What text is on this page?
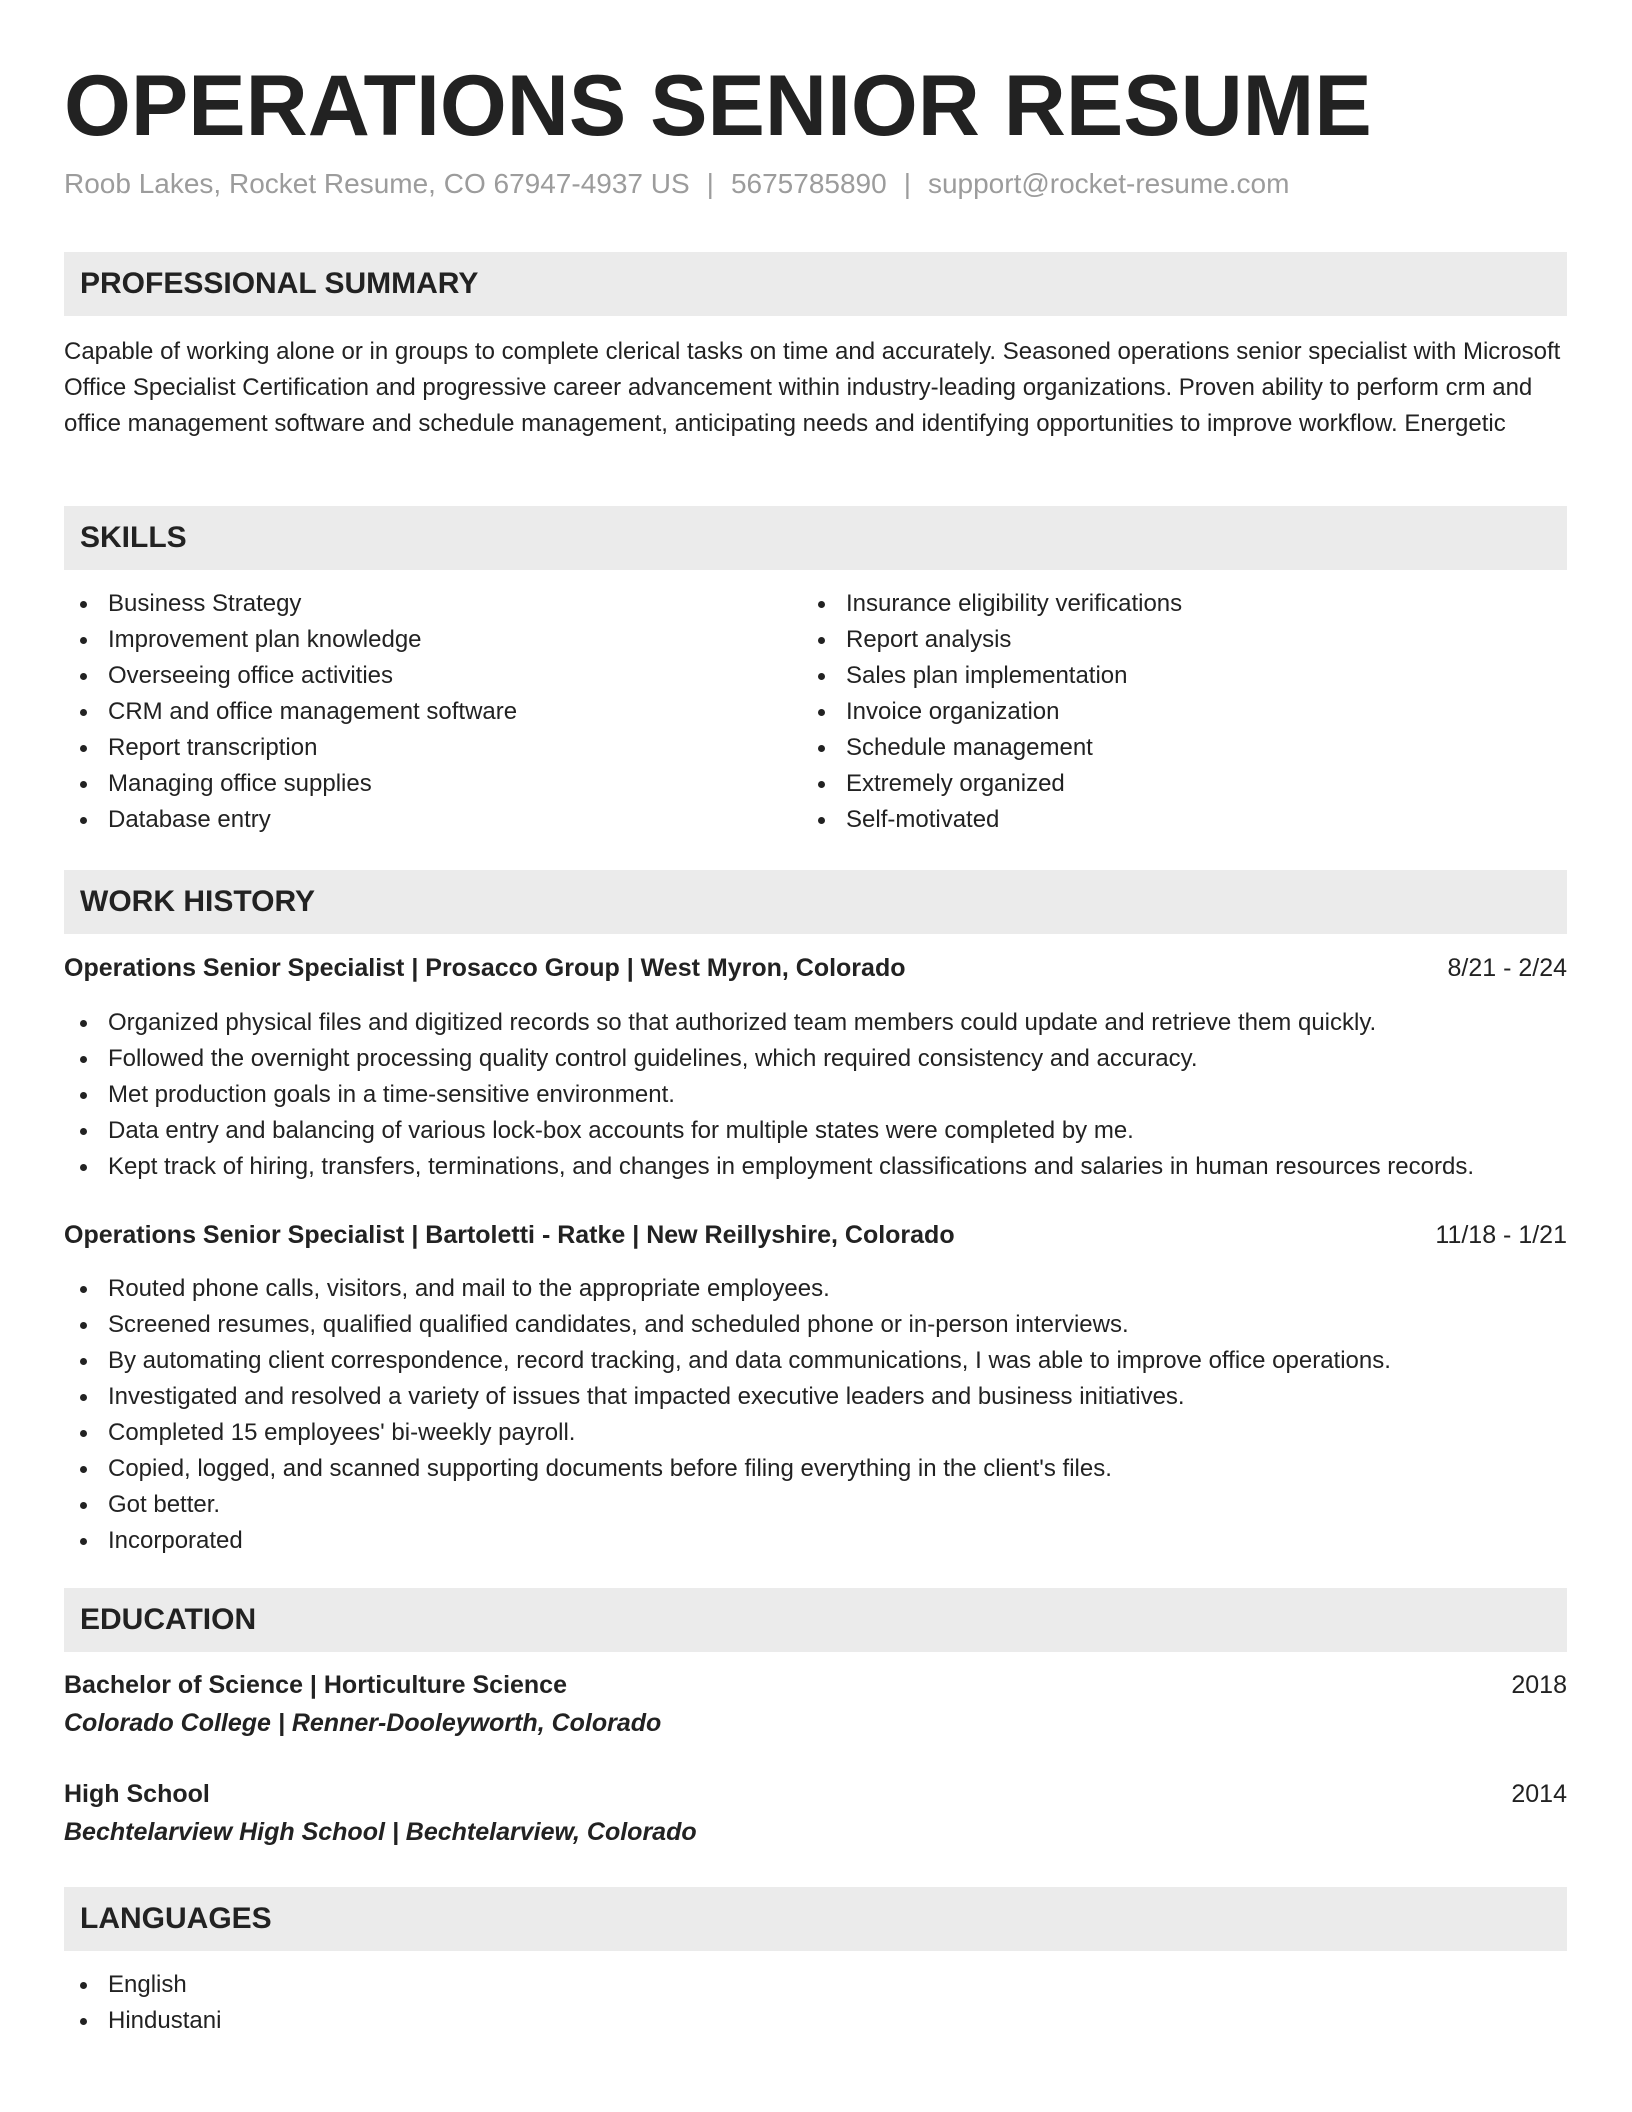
OPERATIONS SENIOR RESUME
Roob Lakes, Rocket Resume, CO 67947-4937 US | 5675785890 | support@rocket-resume.com
PROFESSIONAL SUMMARY
Capable of working alone or in groups to complete clerical tasks on time and accurately. Seasoned operations senior specialist with Microsoft Office Specialist Certification and progressive career advancement within industry-leading organizations. Proven ability to perform crm and office management software and schedule management, anticipating needs and identifying opportunities to improve workflow. Energetic
SKILLS
Business Strategy
Improvement plan knowledge
Overseeing office activities
CRM and office management software
Report transcription
Managing office supplies
Database entry
Insurance eligibility verifications
Report analysis
Sales plan implementation
Invoice organization
Schedule management
Extremely organized
Self-motivated
WORK HISTORY
Operations Senior Specialist | Prosacco Group | West Myron, Colorado	8/21 - 2/24
Organized physical files and digitized records so that authorized team members could update and retrieve them quickly.
Followed the overnight processing quality control guidelines, which required consistency and accuracy.
Met production goals in a time-sensitive environment.
Data entry and balancing of various lock-box accounts for multiple states were completed by me.
Kept track of hiring, transfers, terminations, and changes in employment classifications and salaries in human resources records.
Operations Senior Specialist | Bartoletti - Ratke | New Reillyshire, Colorado	11/18 - 1/21
Routed phone calls, visitors, and mail to the appropriate employees.
Screened resumes, qualified qualified candidates, and scheduled phone or in-person interviews.
By automating client correspondence, record tracking, and data communications, I was able to improve office operations.
Investigated and resolved a variety of issues that impacted executive leaders and business initiatives.
Completed 15 employees' bi-weekly payroll.
Copied, logged, and scanned supporting documents before filing everything in the client's files.
Got better.
Incorporated
EDUCATION
Bachelor of Science | Horticulture Science	2018
Colorado College | Renner-Dooleyworth, Colorado
High School	2014
Bechtelarview High School | Bechtelarview, Colorado
LANGUAGES
English
Hindustani
